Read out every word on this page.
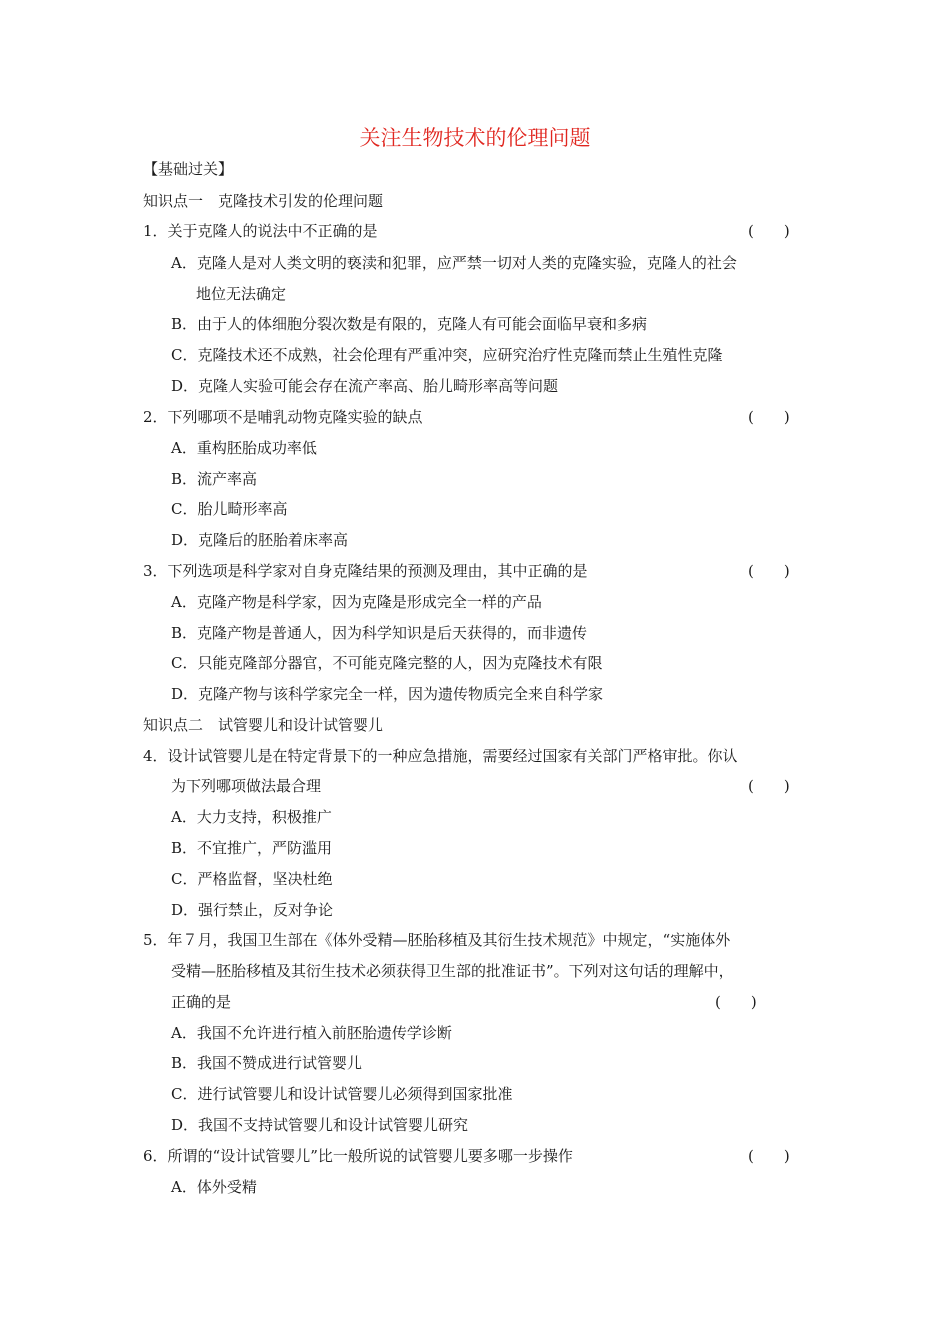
关注生物技术的伦理问题
【基础过关】
知识点一　克隆技术引发的伦理问题
1．关于克隆人的说法中不正确的是	(　　)
A．克隆人是对人类文明的亵渎和犯罪，应严禁一切对人类的克隆实验，克隆人的社会
地位无法确定
B．由于人的体细胞分裂次数是有限的，克隆人有可能会面临早衰和多病
C．克隆技术还不成熟，社会伦理有严重冲突，应研究治疗性克隆而禁止生殖性克隆
D．克隆人实验可能会存在流产率高、胎儿畸形率高等问题
2．下列哪项不是哺乳动物克隆实验的缺点	(　　)
A．重构胚胎成功率低
B．流产率高
C．胎儿畸形率高
D．克隆后的胚胎着床率高
3．下列选项是科学家对自身克隆结果的预测及理由，其中正确的是	(　　)
A．克隆产物是科学家，因为克隆是形成完全一样的产品
B．克隆产物是普通人，因为科学知识是后天获得的，而非遗传
C．只能克隆部分器官，不可能克隆完整的人，因为克隆技术有限
D．克隆产物与该科学家完全一样，因为遗传物质完全来自科学家
知识点二　试管婴儿和设计试管婴儿
4．设计试管婴儿是在特定背景下的一种应急措施，需要经过国家有关部门严格审批。你认
为下列哪项做法最合理	(　　)
A．大力支持，积极推广
B．不宜推广，严防滥用
C．严格监督，坚决杜绝
D．强行禁止，反对争论
5．年７月，我国卫生部在《体外受精—胚胎移植及其衍生技术规范》中规定，“实施体外
受精—胚胎移植及其衍生技术必须获得卫生部的批准证书”。下列对这句话的理解中，
正确的是	(　　)
A．我国不允许进行植入前胚胎遗传学诊断
B．我国不赞成进行试管婴儿
C．进行试管婴儿和设计试管婴儿必须得到国家批准
D．我国不支持试管婴儿和设计试管婴儿研究
6．所谓的“设计试管婴儿”比一般所说的试管婴儿要多哪一步操作	(　　)
A．体外受精
